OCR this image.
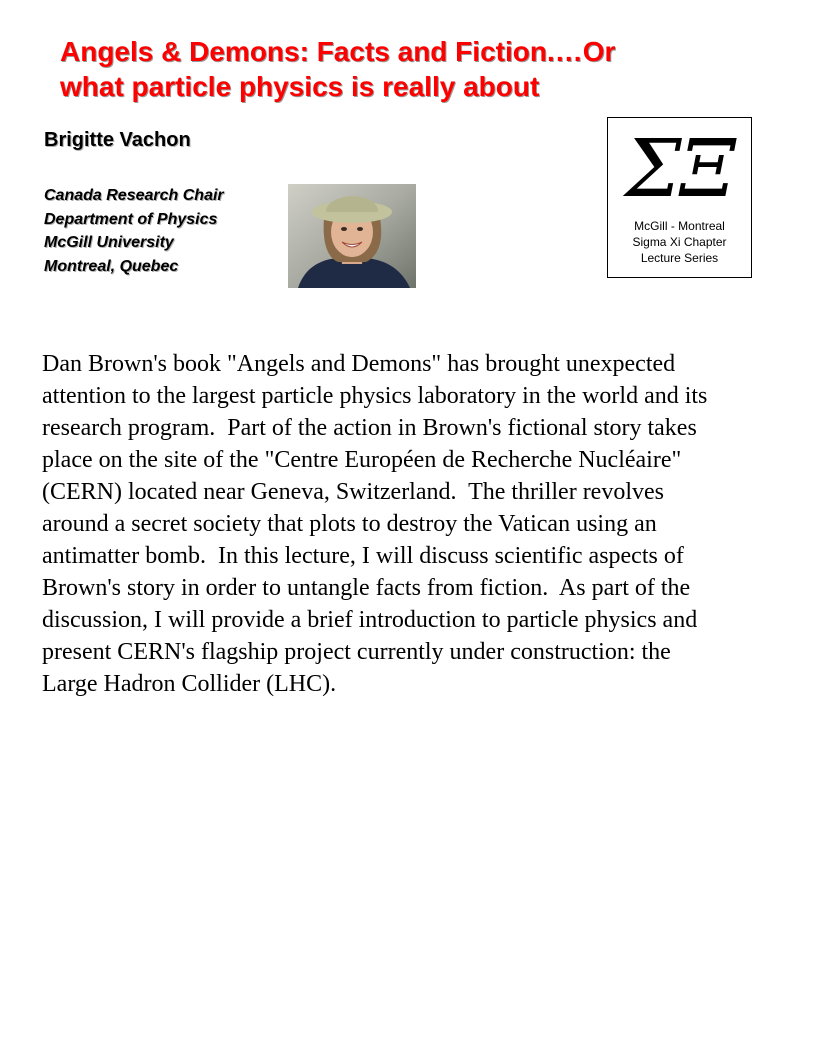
Angels & Demons: Facts and Fiction.…Or
what particle physics is really about
Brigitte Vachon
Canada Research Chair
Department of Physics
McGill University
Montreal, Quebec
ΣΞ
McGill - Montreal
Sigma Xi Chapter
Lecture Series
Dan Brown's book "Angels and Demons" has brought unexpected
attention to the largest particle physics laboratory in the world and its
research program.  Part of the action in Brown's fictional story takes
place on the site of the "Centre Européen de Recherche Nucléaire"
(CERN) located near Geneva, Switzerland.  The thriller revolves
around a secret society that plots to destroy the Vatican using an
antimatter bomb.  In this lecture, I will discuss scientific aspects of
Brown's story in order to untangle facts from fiction.  As part of the
discussion, I will provide a brief introduction to particle physics and
present CERN's flagship project currently under construction: the
Large Hadron Collider (LHC).
